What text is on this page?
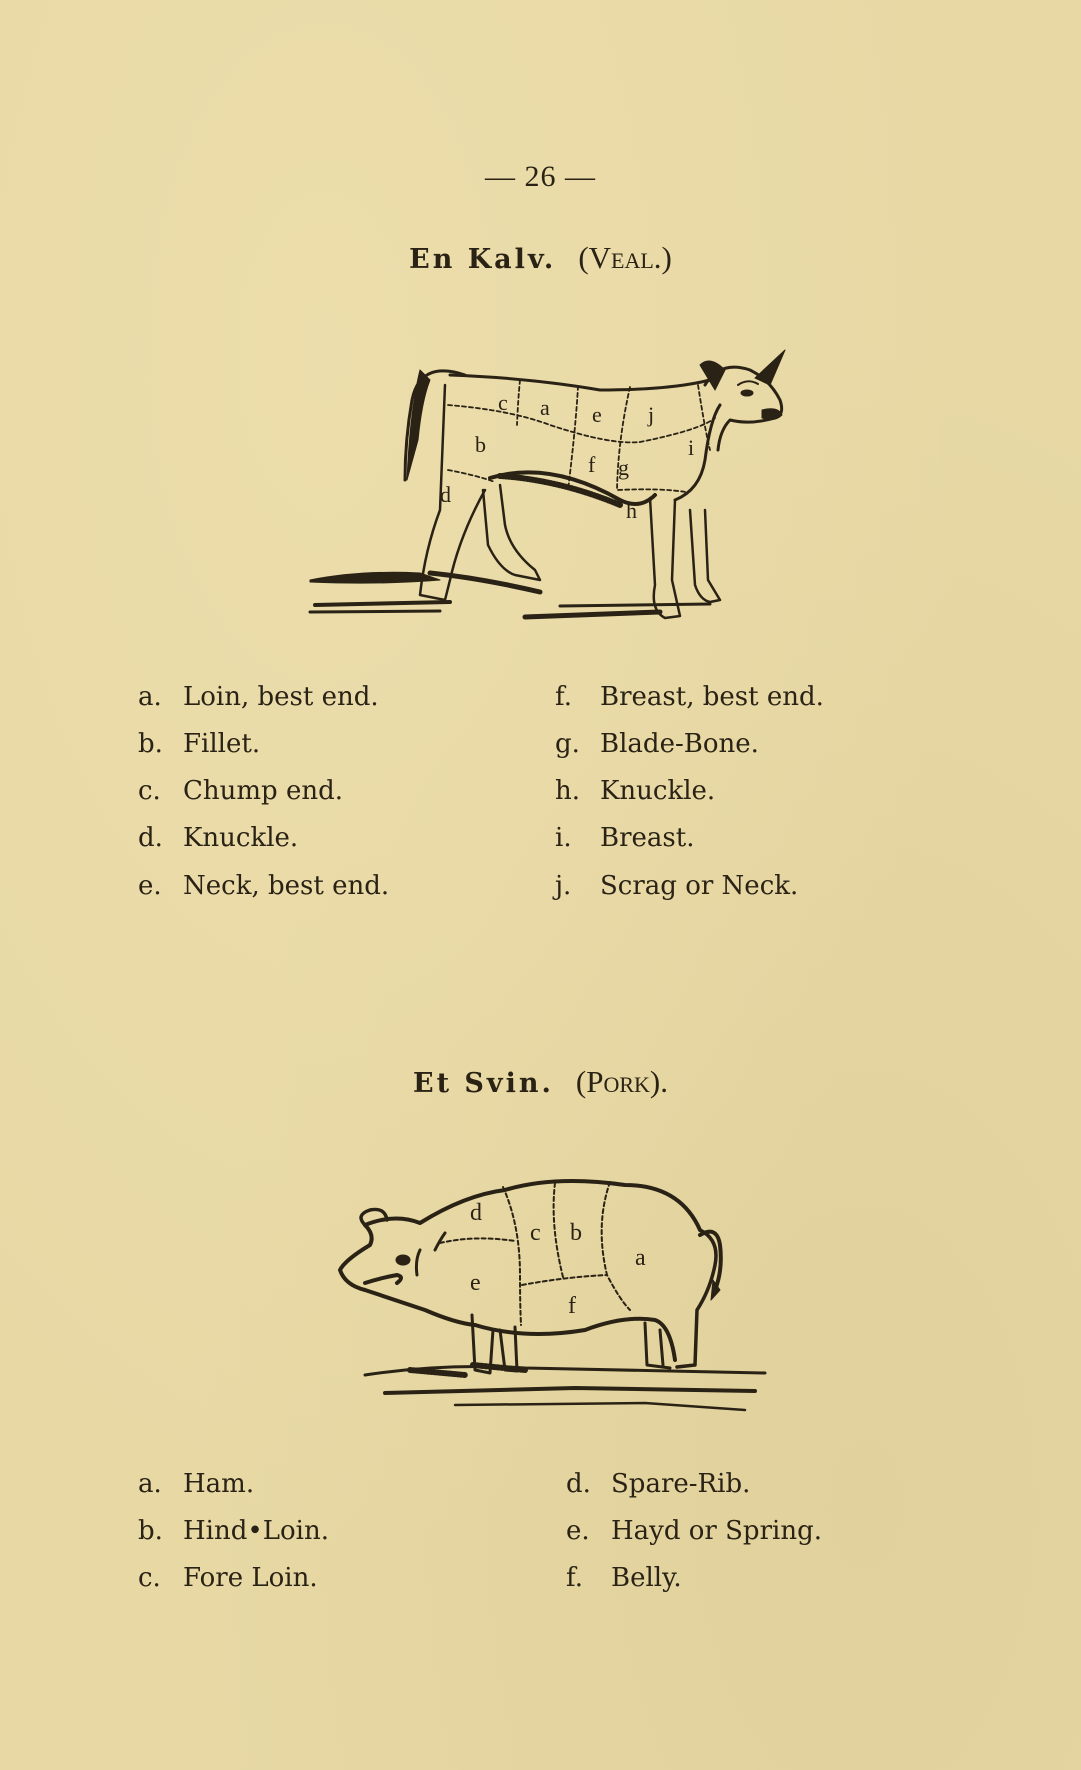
— 26 —
En Kalv. (Veal.)
c a e j
b	i
f g
d
h
a. Loin, best end.
b. Fillet.
c. Chump end.
d. Knuckle.
e. Neck, best end.
f. Breast, best end.
g. Blade-Bone.
h. Knuckle.
i. Breast.
j. Scrag or Neck.
Et Svin. (Pork).
d
c b
a
e
f
a. Ham.
b. Hind•Loin.
c. Fore Loin.
d. Spare-Rib.
e. Hayd or Spring.
f. Belly.
